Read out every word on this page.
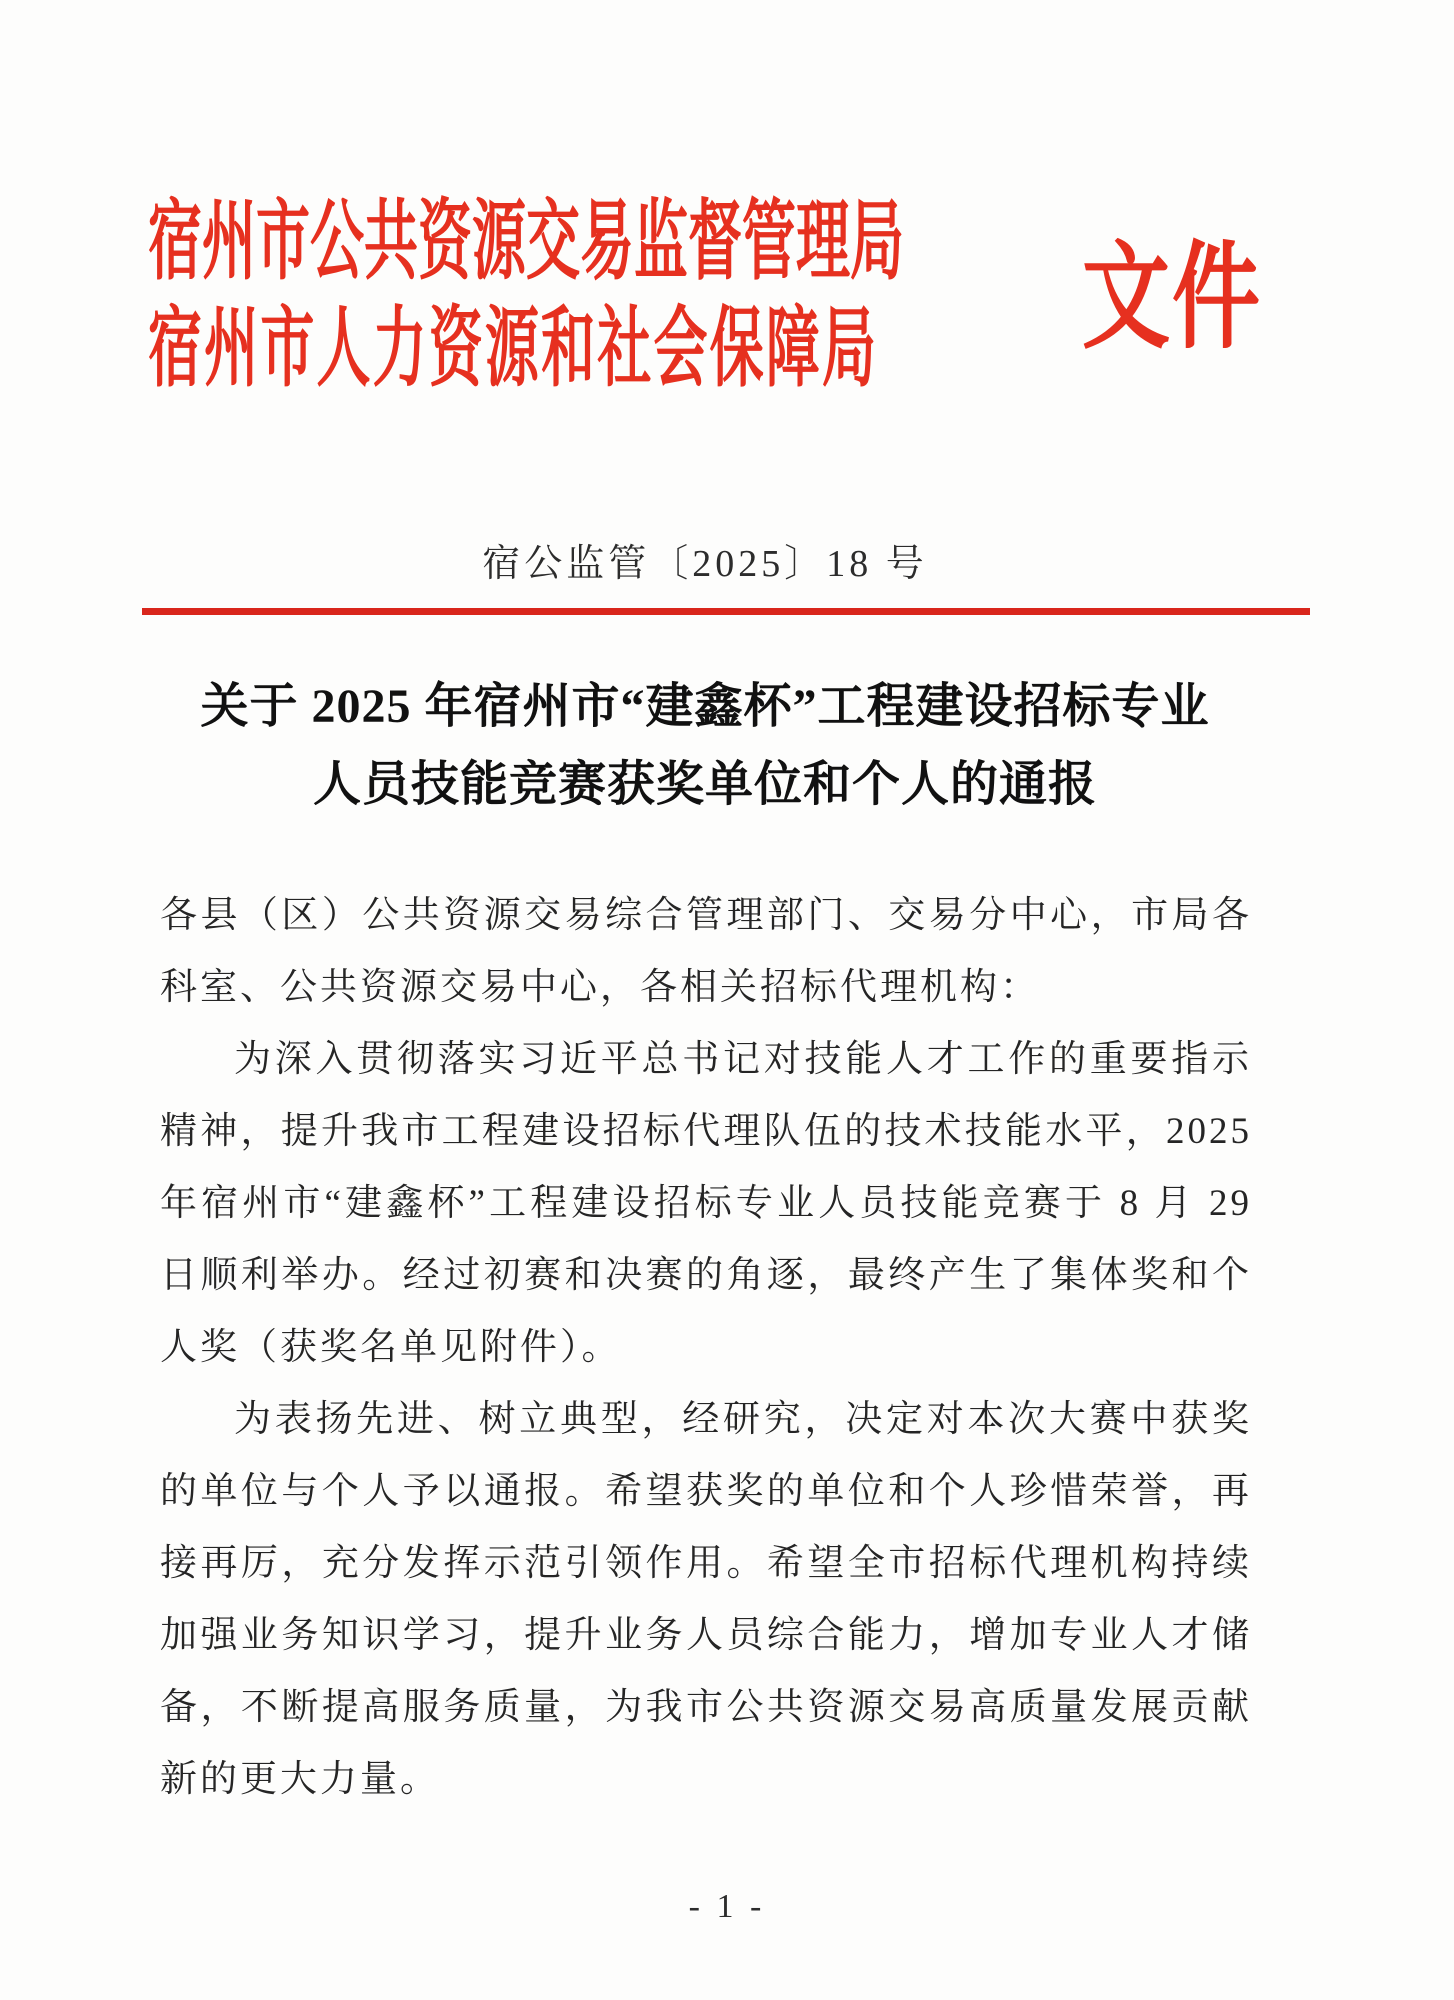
宿州市公共资源交易监督管理局
宿州市人力资源和社会保障局 文件
宿公监管〔2025〕18 号
关于 2025 年宿州市“建鑫杯”工程建设招标专业
人员技能竞赛获奖单位和个人的通报

各县（区）公共资源交易综合管理部门、交易分中心，市局各科室、公共资源交易中心，各相关招标代理机构：

为深入贯彻落实习近平总书记对技能人才工作的重要指示精神，提升我市工程建设招标代理队伍的技术技能水平，2025 年宿州市“建鑫杯”工程建设招标专业人员技能竞赛于 8 月 29 日顺利举办。经过初赛和决赛的角逐，最终产生了集体奖和个人奖（获奖名单见附件）。

为表扬先进、树立典型，经研究，决定对本次大赛中获奖的单位与个人予以通报。希望获奖的单位和个人珍惜荣誉，再接再厉，充分发挥示范引领作用。希望全市招标代理机构持续加强业务知识学习，提升业务人员综合能力，增加专业人才储备，不断提高服务质量，为我市公共资源交易高质量发展贡献新的更大力量。

- 1 -
